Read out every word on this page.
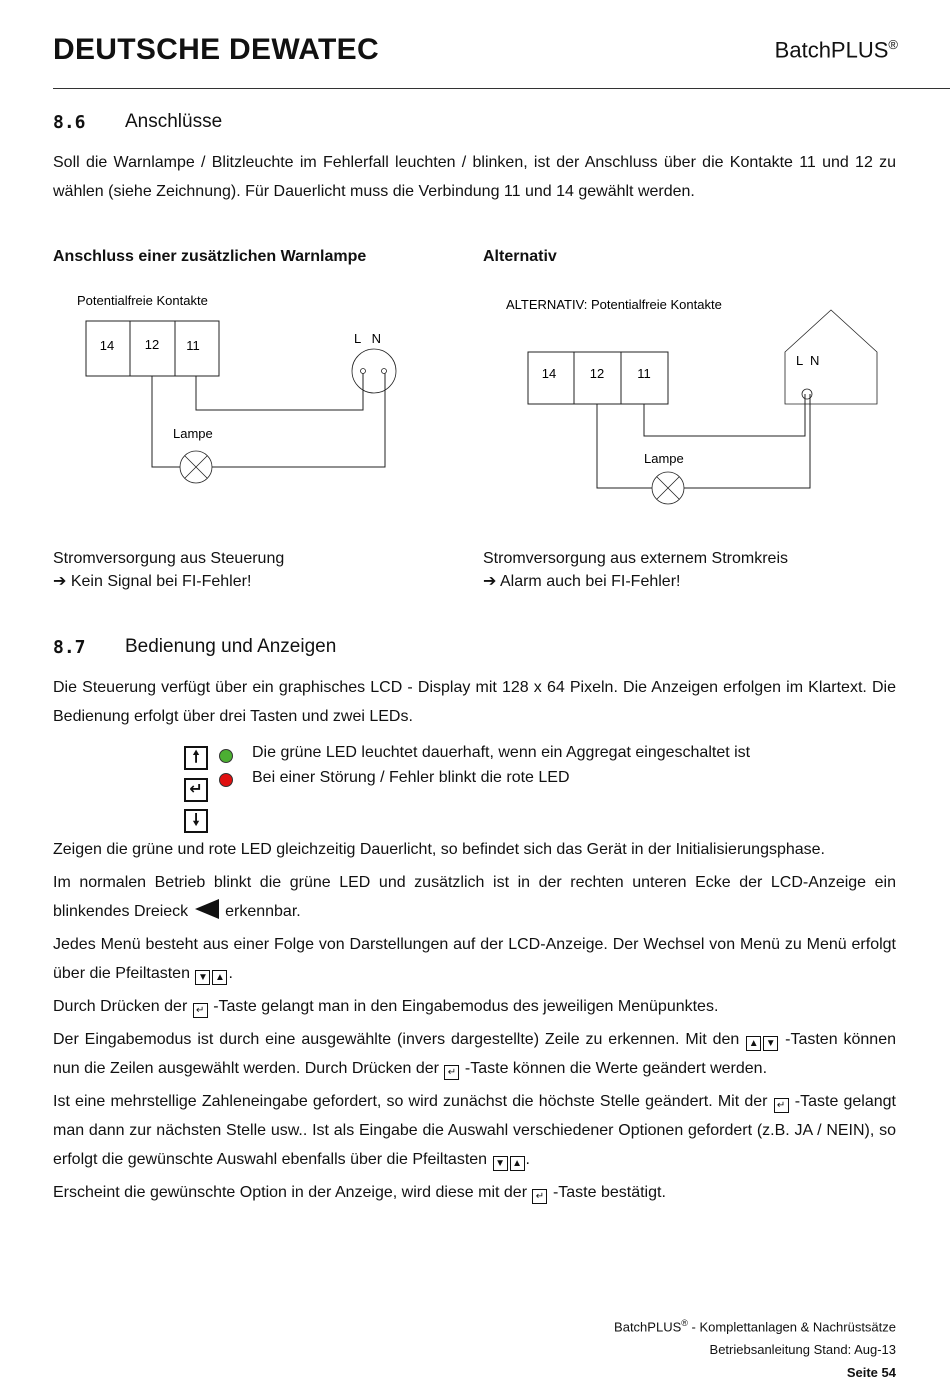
DEUTSCHE DEWATEC	BatchPLUS®
8.6 Anschlüsse
Soll die Warnlampe / Blitzleuchte im Fehlerfall leuchten / blinken, ist der Anschluss über die Kontakte 11 und 12 zu wählen (siehe Zeichnung). Für Dauerlicht muss die Verbindung 11 und 14 gewählt werden.
Anschluss einer zusätzlichen Warnlampe	Alternativ
Potentialfreie Kontakte
14 12 11	L   N
Lampe
ALTERNATIV: Potentialfreie Kontakte
14	12	11
L  N
Lampe
Stromversorgung aus Steuerung
➔ Kein Signal bei FI-Fehler!
Stromversorgung aus externem Stromkreis
➔ Alarm auch bei FI-Fehler!
8.7 Bedienung und Anzeigen
Die Steuerung verfügt über ein graphisches LCD - Display mit 128 x 64 Pixeln. Die Anzeigen erfolgen im Klartext. Die Bedienung erfolgt über drei Tasten und zwei LEDs.
🠕
↵
🠗
Die grüne LED leuchtet dauerhaft, wenn ein Aggregat eingeschaltet ist
Bei einer Störung / Fehler blinkt die rote LED
Zeigen die grüne und rote LED gleichzeitig Dauerlicht, so befindet sich das Gerät in der Initialisierungsphase.
Im normalen Betrieb blinkt die grüne LED und zusätzlich ist in der rechten unteren Ecke der LCD-Anzeige ein blinkendes Dreieck erkennbar.
Jedes Menü besteht aus einer Folge von Darstellungen auf der LCD-Anzeige. Der Wechsel von Menü zu Menü erfolgt über die Pfeiltasten ▼ ▲ .
Durch Drücken der ↵ -Taste gelangt man in den Eingabemodus des jeweiligen Menüpunktes.
Der Eingabemodus ist durch eine ausgewählte (invers dargestellte) Zeile zu erkennen. Mit den ▲ ▼ -Tasten können nun die Zeilen ausgewählt werden. Durch Drücken der ↵ -Taste können die Werte geändert werden.
Ist eine mehrstellige Zahleneingabe gefordert, so wird zunächst die höchste Stelle geändert. Mit der ↵ -Taste gelangt man dann zur nächsten Stelle usw.. Ist als Eingabe die Auswahl verschiedener Optionen gefordert (z.B. JA / NEIN), so erfolgt die gewünschte Auswahl ebenfalls über die Pfeiltasten ▼ ▲ .
Erscheint die gewünschte Option in der Anzeige, wird diese mit der ↵ -Taste bestätigt.
BatchPLUS® - Komplettanlagen & Nachrüstsätze
Betriebsanleitung Stand: Aug-13
Seite 54
